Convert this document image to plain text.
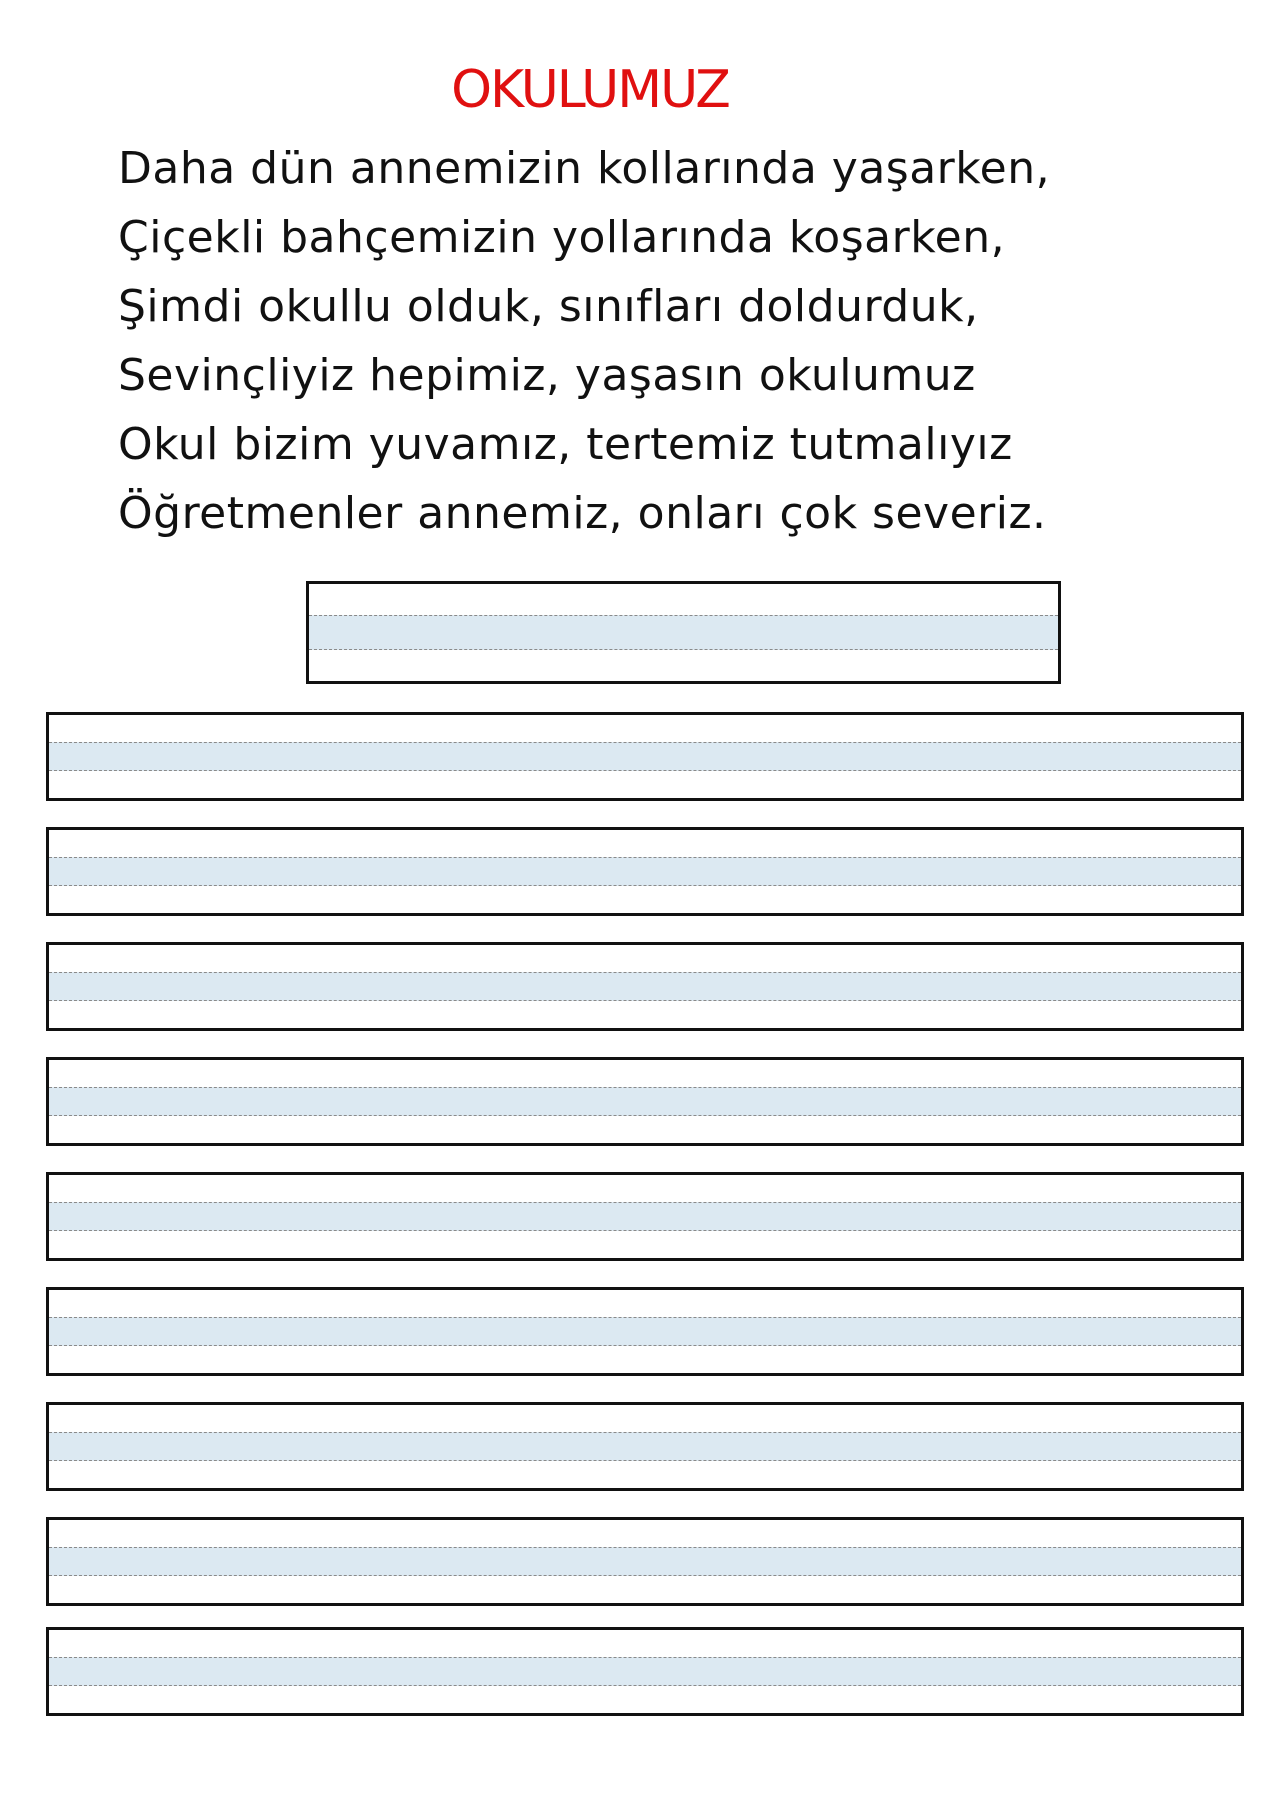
OKULUMUZ
Daha dün annemizin kollarında yaşarken,
Çiçekli bahçemizin yollarında koşarken,
Şimdi okullu olduk, sınıfları doldurduk,
Sevinçliyiz hepimiz, yaşasın okulumuz
Okul bizim yuvamız, tertemiz tutmalıyız
Öğretmenler annemiz, onları çok severiz.
